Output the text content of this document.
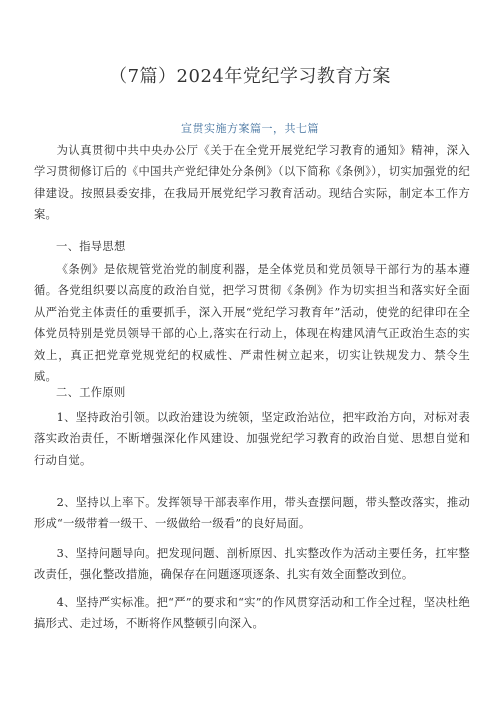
（7篇）2024年党纪学习教育方案
宣贯实施方案篇一，共七篇

为认真贯彻中共中央办公厅《关于在全党开展党纪学习教育的通知》精神，深入学习贯彻修订后的《中国共产党纪律处分条例》（以下简称《条例》），切实加强党的纪律建设。按照县委安排，在我局开展党纪学习教育活动。现结合实际，制定本工作方案。

一、指导思想

《条例》是依规管党治党的制度利器，是全体党员和党员领导干部行为的基本遵循。各党组织要以高度的政治自觉，把学习贯彻《条例》作为切实担当和落实好全面从严治党主体责任的重要抓手，深入开展“党纪学习教育年”活动，使党的纪律印在全体党员特别是党员领导干部的心上,落实在行动上，体现在构建风清气正政治生态的实效上，真正把党章党规党纪的权威性、严肃性树立起来，切实让铁规发力、禁令生威。

二、工作原则

1、坚持政治引领。以政治建设为统领，坚定政治站位，把牢政治方向，对标对表落实政治责任，不断增强深化作风建设、加强党纪学习教育的政治自觉、思想自觉和行动自觉。

2、坚持以上率下。发挥领导干部表率作用，带头查摆问题，带头整改落实，推动形成“一级带着一级干、一级做给一级看”的良好局面。

3、坚持问题导向。把发现问题、剖析原因、扎实整改作为活动主要任务，扛牢整改责任，强化整改措施，确保存在问题逐项逐条、扎实有效全面整改到位。

4、坚持严实标准。把“严”的要求和“实”的作风贯穿活动和工作全过程，坚决杜绝搞形式、走过场，不断将作风整顿引向深入。
